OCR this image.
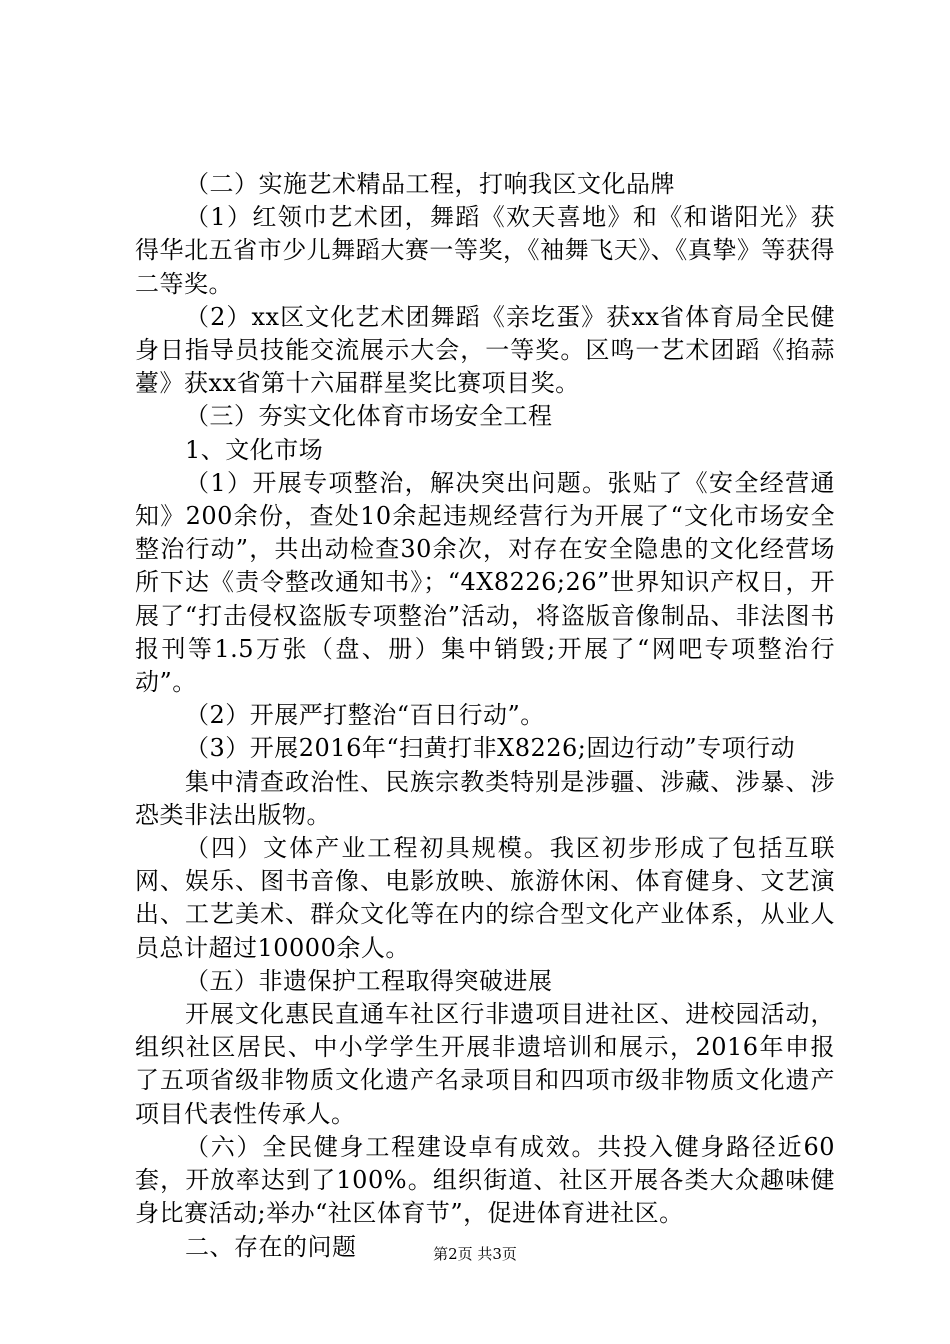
（二）实施艺术精品工程，打响我区文化品牌

（1）红领巾艺术团，舞蹈《欢天喜地》和《和谐阳光》获得华北五省市少儿舞蹈大赛一等奖，《袖舞飞天》、《真挚》等获得二等奖。

（2）xx区文化艺术团舞蹈《亲圪蛋》获xx省体育局全民健身日指导员技能交流展示大会，一等奖。区鸣一艺术团蹈《掐蒜薹》获xx省第十六届群星奖比赛项目奖。

（三）夯实文化体育市场安全工程

1、文化市场

（1）开展专项整治，解决突出问题。张贴了《安全经营通知》200余份，查处10余起违规经营行为开展了“文化市场安全整治行动”，共出动检查30余次，对存在安全隐患的文化经营场所下达《责令整改通知书》；“4X8226;26”世界知识产权日，开展了“打击侵权盗版专项整治”活动，将盗版音像制品、非法图书报刊等1.5万张（盘、册）集中销毁;开展了“网吧专项整治行动”。

（2）开展严打整治“百日行动”。

（3）开展2016年“扫黄打非X8226;固边行动”专项行动

集中清查政治性、民族宗教类特别是涉疆、涉藏、涉暴、涉恐类非法出版物。

（四）文体产业工程初具规模。我区初步形成了包括互联网、娱乐、图书音像、电影放映、旅游休闲、体育健身、文艺演出、工艺美术、群众文化等在内的综合型文化产业体系，从业人员总计超过10000余人。

（五）非遗保护工程取得突破进展

开展文化惠民直通车社区行非遗项目进社区、进校园活动，组织社区居民、中小学学生开展非遗培训和展示，2016年申报了五项省级非物质文化遗产名录项目和四项市级非物质文化遗产项目代表性传承人。

（六）全民健身工程建设卓有成效。共投入健身路径近60套，开放率达到了100%。组织街道、社区开展各类大众趣味健身比赛活动;举办“社区体育节”，促进体育进社区。

二、存在的问题	第2页 共3页
